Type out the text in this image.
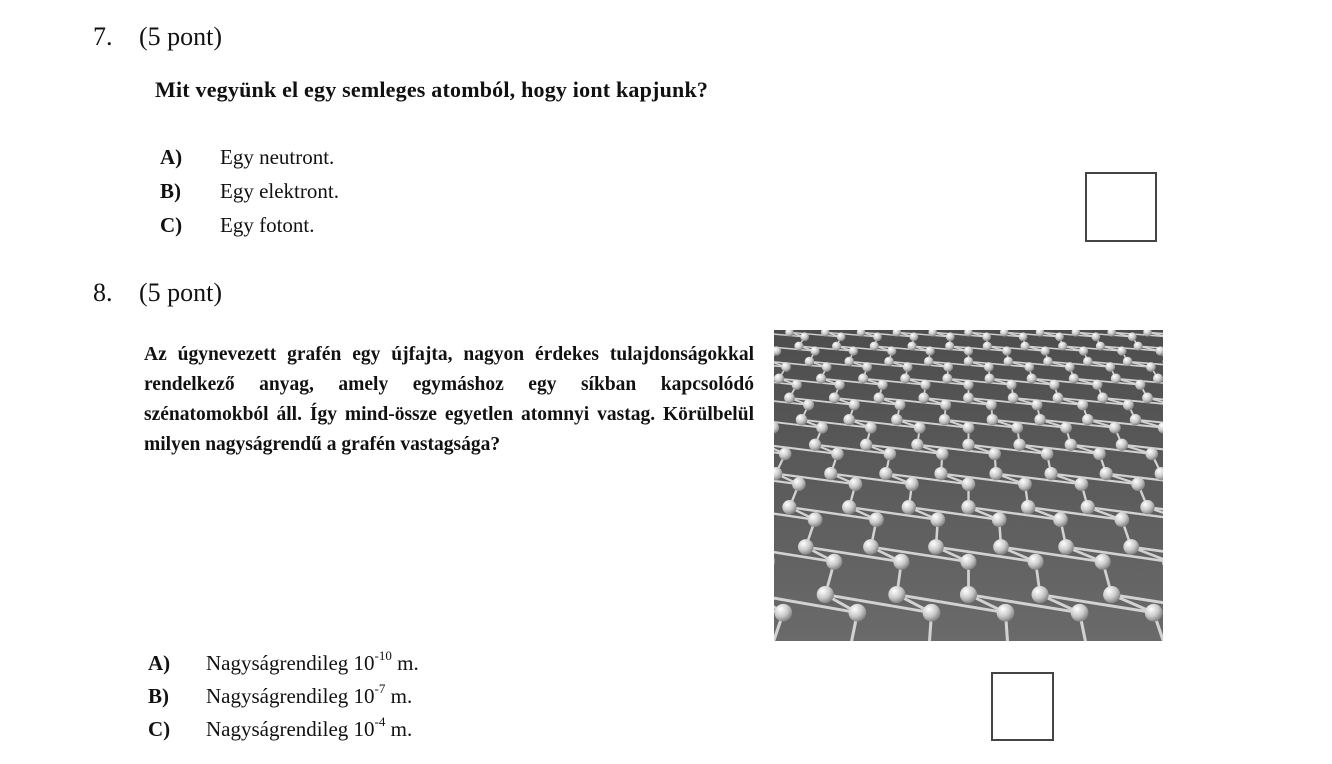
7. (5 pont)
Mit vegyünk el egy semleges atomból, hogy iont kapjunk?
A) Egy neutront.
B) Egy elektront.
C) Egy fotont.
8. (5 pont)
Az úgynevezett grafén egy újfajta, nagyon érdekes tulajdonságokkal rendelkező anyag, amely egymáshoz egy síkban kapcsolódó szénatomokból áll. Így mind-össze egyetlen atomnyi vastag. Körülbelül milyen nagyságrendű a grafén vastagsága?
A) Nagyságrendileg $10^{-10}$ m.
B) Nagyságrendileg $10^{-7}$ m.
C) Nagyságrendileg $10^{-4}$ m.
